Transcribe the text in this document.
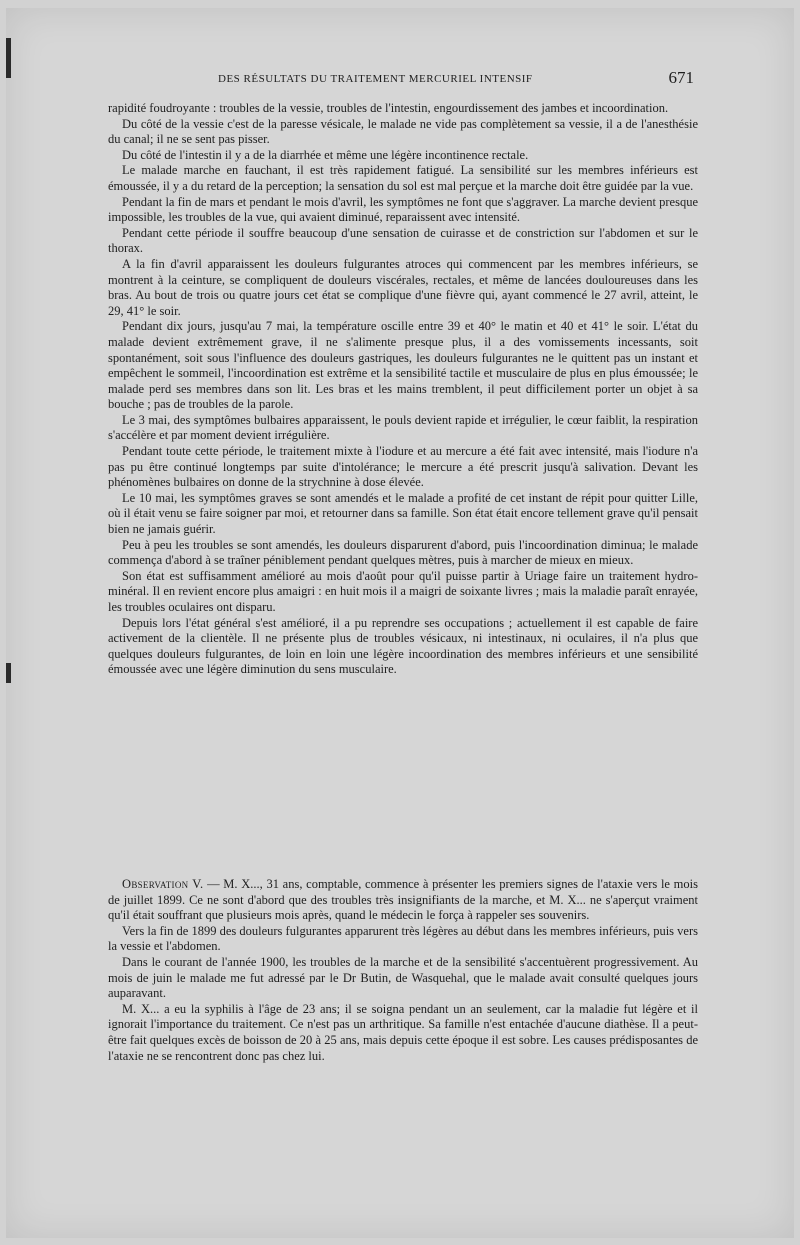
DES RÉSULTATS DU TRAITEMENT MERCURIEL INTENSIF	671

rapidité foudroyante : troubles de la vessie, troubles de l'intestin, engourdissement des jambes et incoordination.

Du côté de la vessie c'est de la paresse vésicale, le malade ne vide pas complètement sa vessie, il a de l'anesthésie du canal; il ne se sent pas pisser.

Du côté de l'intestin il y a de la diarrhée et même une légère incontinence rectale.

Le malade marche en fauchant, il est très rapidement fatigué. La sensibilité sur les membres inférieurs est émoussée, il y a du retard de la perception; la sensation du sol est mal perçue et la marche doit être guidée par la vue.

Pendant la fin de mars et pendant le mois d'avril, les symptômes ne font que s'aggraver. La marche devient presque impossible, les troubles de la vue, qui avaient diminué, reparaissent avec intensité.

Pendant cette période il souffre beaucoup d'une sensation de cuirasse et de constriction sur l'abdomen et sur le thorax.

A la fin d'avril apparaissent les douleurs fulgurantes atroces qui commencent par les membres inférieurs, se montrent à la ceinture, se compliquent de douleurs viscérales, rectales, et même de lancées douloureuses dans les bras. Au bout de trois ou quatre jours cet état se complique d'une fièvre qui, ayant commencé le 27 avril, atteint, le 29, 41° le soir.

Pendant dix jours, jusqu'au 7 mai, la température oscille entre 39 et 40° le matin et 40 et 41° le soir. L'état du malade devient extrêmement grave, il ne s'alimente presque plus, il a des vomissements incessants, soit spontanément, soit sous l'influence des douleurs gastriques, les douleurs fulgurantes ne le quittent pas un instant et empêchent le sommeil, l'incoordination est extrême et la sensibilité tactile et musculaire de plus en plus émoussée; le malade perd ses membres dans son lit. Les bras et les mains tremblent, il peut difficilement porter un objet à sa bouche ; pas de troubles de la parole.

Le 3 mai, des symptômes bulbaires apparaissent, le pouls devient rapide et irrégulier, le cœur faiblit, la respiration s'accélère et par moment devient irrégulière.

Pendant toute cette période, le traitement mixte à l'iodure et au mercure a été fait avec intensité, mais l'iodure n'a pas pu être continué longtemps par suite d'intolérance; le mercure a été prescrit jusqu'à salivation. Devant les phénomènes bulbaires on donne de la strychnine à dose élevée.

Le 10 mai, les symptômes graves se sont amendés et le malade a profité de cet instant de répit pour quitter Lille, où il était venu se faire soigner par moi, et retourner dans sa famille. Son état était encore tellement grave qu'il pensait bien ne jamais guérir.

Peu à peu les troubles se sont amendés, les douleurs disparurent d'abord, puis l'incoordination diminua; le malade commença d'abord à se traîner péniblement pendant quelques mètres, puis à marcher de mieux en mieux.

Son état est suffisamment amélioré au mois d'août pour qu'il puisse partir à Uriage faire un traitement hydro-minéral. Il en revient encore plus amaigri : en huit mois il a maigri de soixante livres ; mais la maladie paraît enrayée, les troubles oculaires ont disparu.

Depuis lors l'état général s'est amélioré, il a pu reprendre ses occupations ; actuellement il est capable de faire activement de la clientèle. Il ne présente plus de troubles vésicaux, ni intestinaux, ni oculaires, il n'a plus que quelques douleurs fulgurantes, de loin en loin une légère incoordination des membres inférieurs et une sensibilité émoussée avec une légère diminution du sens musculaire.

Observation V. — M. X..., 31 ans, comptable, commence à présenter les premiers signes de l'ataxie vers le mois de juillet 1899. Ce ne sont d'abord que des troubles très insignifiants de la marche, et M. X... ne s'aperçut vraiment qu'il était souffrant que plusieurs mois après, quand le médecin le força à rappeler ses souvenirs.

Vers la fin de 1899 des douleurs fulgurantes apparurent très légères au début dans les membres inférieurs, puis vers la vessie et l'abdomen.

Dans le courant de l'année 1900, les troubles de la marche et de la sensibilité s'accentuèrent progressivement. Au mois de juin le malade me fut adressé par le Dr Butin, de Wasquehal, que le malade avait consulté quelques jours auparavant.

M. X... a eu la syphilis à l'âge de 23 ans; il se soigna pendant un an seulement, car la maladie fut légère et il ignorait l'importance du traitement. Ce n'est pas un arthritique. Sa famille n'est entachée d'aucune diathèse. Il a peut-être fait quelques excès de boisson de 20 à 25 ans, mais depuis cette époque il est sobre. Les causes prédisposantes de l'ataxie ne se rencontrent donc pas chez lui.
